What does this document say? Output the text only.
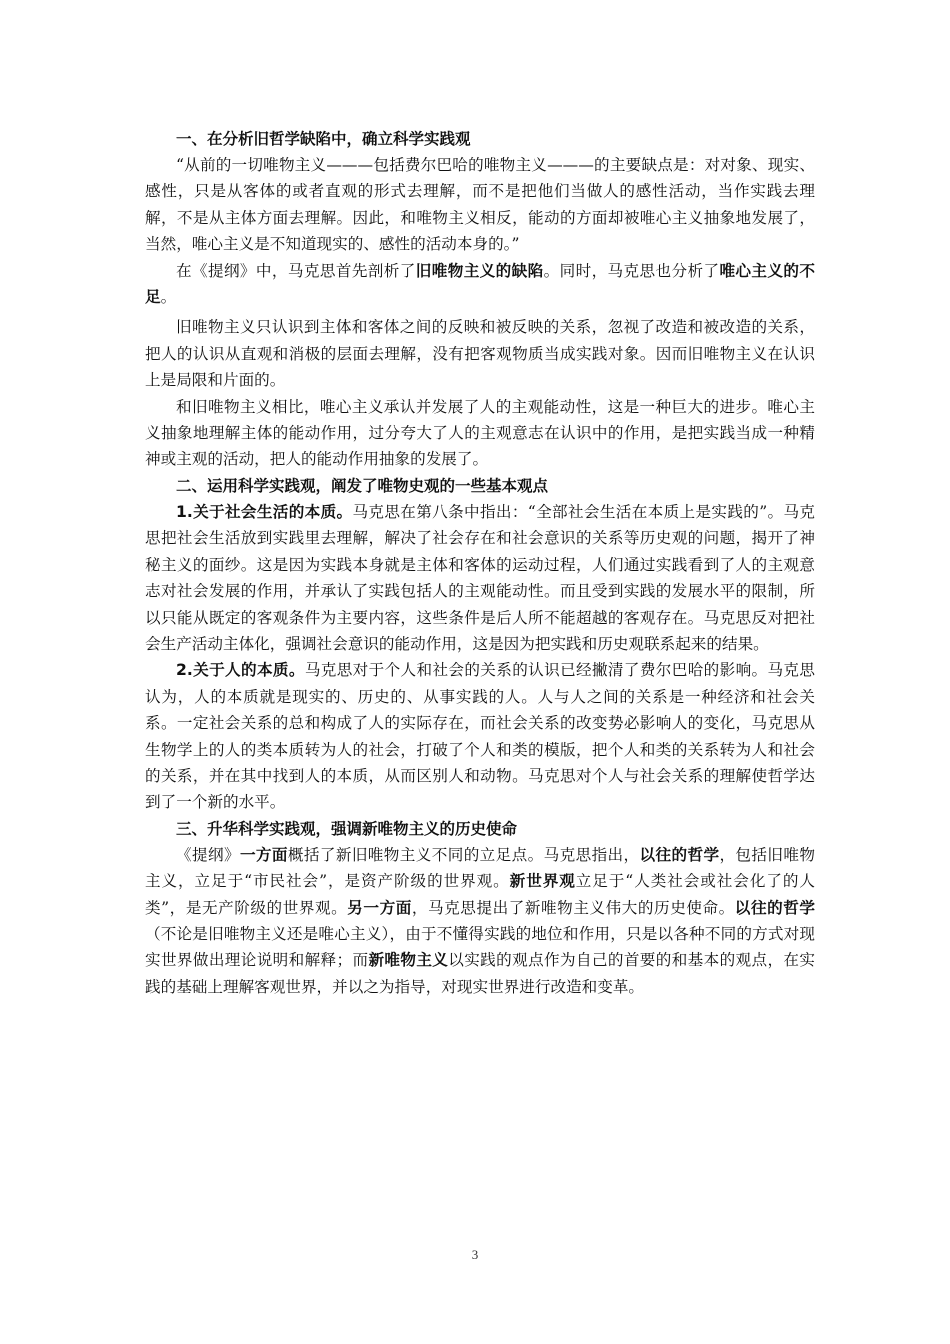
一、在分析旧哲学缺陷中，确立科学实践观

“从前的一切唯物主义———包括费尔巴哈的唯物主义———的主要缺点是：对对象、现实、感性，只是从客体的或者直观的形式去理解，而不是把他们当做人的感性活动，当作实践去理解，不是从主体方面去理解。因此，和唯物主义相反，能动的方面却被唯心主义抽象地发展了，当然，唯心主义是不知道现实的、感性的活动本身的。”

在《提纲》中，马克思首先剖析了旧唯物主义的缺陷。同时，马克思也分析了唯心主义的不足。

旧唯物主义只认识到主体和客体之间的反映和被反映的关系，忽视了改造和被改造的关系，把人的认识从直观和消极的层面去理解，没有把客观物质当成实践对象。因而旧唯物主义在认识上是局限和片面的。

和旧唯物主义相比，唯心主义承认并发展了人的主观能动性，这是一种巨大的进步。唯心主义抽象地理解主体的能动作用，过分夸大了人的主观意志在认识中的作用，是把实践当成一种精神或主观的活动，把人的能动作用抽象的发展了。

二、运用科学实践观，阐发了唯物史观的一些基本观点

1.关于社会生活的本质。马克思在第八条中指出：“全部社会生活在本质上是实践的”。马克思把社会生活放到实践里去理解，解决了社会存在和社会意识的关系等历史观的问题，揭开了神秘主义的面纱。这是因为实践本身就是主体和客体的运动过程，人们通过实践看到了人的主观意志对社会发展的作用，并承认了实践包括人的主观能动性。而且受到实践的发展水平的限制，所以只能从既定的客观条件为主要内容，这些条件是后人所不能超越的客观存在。马克思反对把社会生产活动主体化，强调社会意识的能动作用，这是因为把实践和历史观联系起来的结果。

2.关于人的本质。马克思对于个人和社会的关系的认识已经撇清了费尔巴哈的影响。马克思认为，人的本质就是现实的、历史的、从事实践的人。人与人之间的关系是一种经济和社会关系。一定社会关系的总和构成了人的实际存在，而社会关系的改变势必影响人的变化，马克思从生物学上的人的类本质转为人的社会，打破了个人和类的模版，把个人和类的关系转为人和社会的关系，并在其中找到人的本质，从而区别人和动物。马克思对个人与社会关系的理解使哲学达到了一个新的水平。

三、升华科学实践观，强调新唯物主义的历史使命

《提纲》一方面概括了新旧唯物主义不同的立足点。马克思指出，以往的哲学，包括旧唯物主义，立足于“市民社会”，是资产阶级的世界观。新世界观立足于“人类社会或社会化了的人类”，是无产阶级的世界观。另一方面，马克思提出了新唯物主义伟大的历史使命。以往的哲学（不论是旧唯物主义还是唯心主义），由于不懂得实践的地位和作用，只是以各种不同的方式对现实世界做出理论说明和解释；而新唯物主义以实践的观点作为自己的首要的和基本的观点，在实践的基础上理解客观世界，并以之为指导，对现实世界进行改造和变革。

3
